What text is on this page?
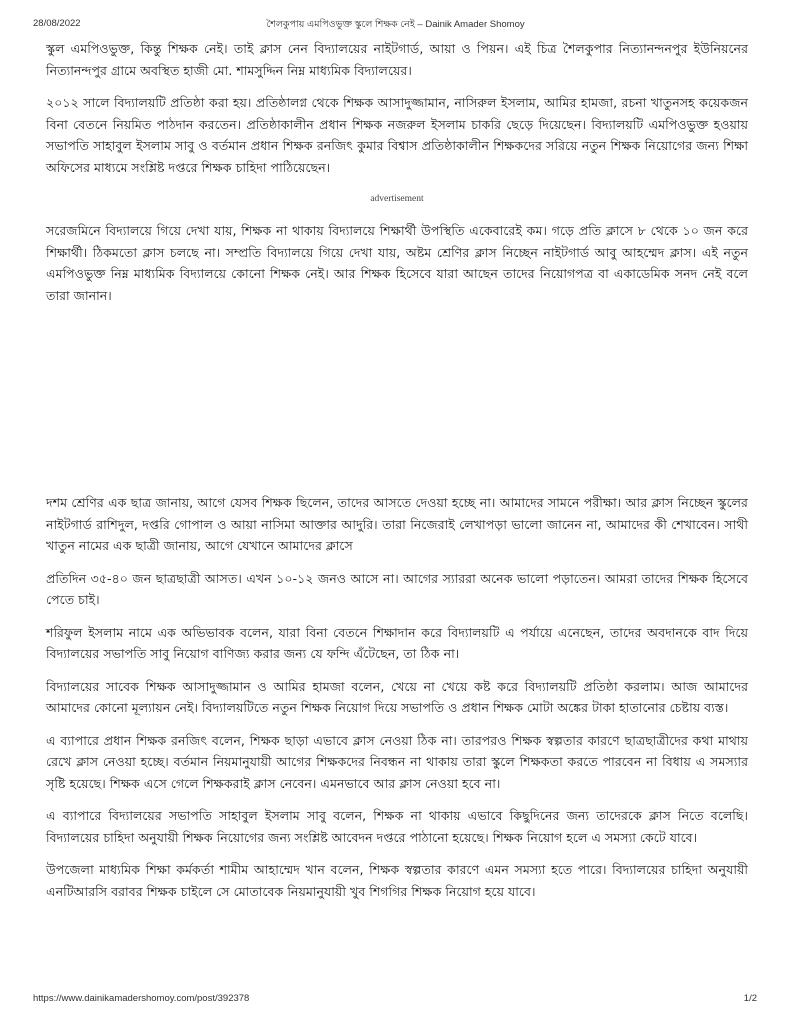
28/08/2022	শৈলকুপায় এমপিওভুক্ত স্কুলে শিক্ষক নেই – Dainik Amader Shomoy

স্কুল এমপিওভুক্ত, কিন্তু শিক্ষক নেই। তাই ক্লাস নেন বিদ্যালয়ের নাইটগার্ড, আয়া ও পিয়ন। এই চিত্র শৈলকুপার নিত্যানন্দনপুর ইউনিয়নের নিত্যানন্দপুর গ্রামে অবস্থিত হাজী মো. শামসুদ্দিন নিম্ন মাধ্যমিক বিদ্যালয়ের।

২০১২ সালে বিদ্যালয়টি প্রতিষ্ঠা করা হয়। প্রতিষ্ঠালগ্ন থেকে শিক্ষক আসাদুজ্জামান, নাসিরুল ইসলাম, আমির হামজা, রচনা খাতুনসহ কয়েকজন বিনা বেতনে নিয়মিত পাঠদান করতেন। প্রতিষ্ঠাকালীন প্রধান শিক্ষক নজরুল ইসলাম চাকরি ছেড়ে দিয়েছেন। বিদ্যালয়টি এমপিওভুক্ত হওয়ায় সভাপতি সাহাবুল ইসলাম সাবু ও বর্তমান প্রধান শিক্ষক রনজিৎ কুমার বিশ্বাস প্রতিষ্ঠাকালীন শিক্ষকদের সরিয়ে নতুন শিক্ষক নিয়োগের জন্য শিক্ষা অফিসের মাধ্যমে সংশ্লিষ্ট দপ্তরে শিক্ষক চাহিদা পাঠিয়েছেন।

advertisement

সরেজমিনে বিদ্যালয়ে গিয়ে দেখা যায়, শিক্ষক না থাকায় বিদ্যালয়ে শিক্ষার্থী উপস্থিতি একেবারেই কম। গড়ে প্রতি ক্লাসে ৮ থেকে ১০ জন করে শিক্ষার্থী। ঠিকমতো ক্লাস চলছে না। সম্প্রতি বিদ্যালয়ে গিয়ে দেখা যায়, অষ্টম শ্রেণির ক্লাস নিচ্ছেন নাইটগার্ড আবু আহম্মেদ ক্লাস। এই নতুন এমপিওভুক্ত নিম্ন মাধ্যমিক বিদ্যালয়ে কোনো শিক্ষক নেই। আর শিক্ষক হিসেবে যারা আছেন তাদের নিয়োগপত্র বা একাডেমিক সনদ নেই বলে তারা জানান।

দশম শ্রেণির এক ছাত্র জানায়, আগে যেসব শিক্ষক ছিলেন, তাদের আসতে দেওয়া হচ্ছে না। আমাদের সামনে পরীক্ষা। আর ক্লাস নিচ্ছেন স্কুলের নাইটগার্ড রাশিদুল, দপ্তরি গোপাল ও আয়া নাসিমা আক্তার আদুরি। তারা নিজেরাই লেখাপড়া ভালো জানেন না, আমাদের কী শেখাবেন। সাথী খাতুন নামের এক ছাত্রী জানায়, আগে যেখানে আমাদের ক্লাসে

প্রতিদিন ৩৫-৪০ জন ছাত্রছাত্রী আসত। এখন ১০-১২ জনও আসে না। আগের স্যাররা অনেক ভালো পড়াতেন। আমরা তাদের শিক্ষক হিসেবে পেতে চাই।

শরিফুল ইসলাম নামে এক অভিভাবক বলেন, যারা বিনা বেতনে শিক্ষাদান করে বিদ্যালয়টি এ পর্যায়ে এনেছেন, তাদের অবদানকে বাদ দিয়ে বিদ্যালয়ের সভাপতি সাবু নিয়োগ বাণিজ্য করার জন্য যে ফন্দি এঁটেছেন, তা ঠিক না।

বিদ্যালয়ের সাবেক শিক্ষক আসাদুজ্জামান ও আমির হামজা বলেন, খেয়ে না খেয়ে কষ্ট করে বিদ্যালয়টি প্রতিষ্ঠা করলাম। আজ আমাদের আমাদের কোনো মূল্যায়ন নেই। বিদ্যালয়টিতে নতুন শিক্ষক নিয়োগ দিয়ে সভাপতি ও প্রধান শিক্ষক মোটা অঙ্কের টাকা হাতানোর চেষ্টায় ব্যস্ত।

এ ব্যাপারে প্রধান শিক্ষক রনজিৎ বলেন, শিক্ষক ছাড়া এভাবে ক্লাস নেওয়া ঠিক না। তারপরও শিক্ষক স্বল্পতার কারণে ছাত্রছাত্রীদের কথা মাথায় রেখে ক্লাস নেওয়া হচ্ছে। বর্তমান নিয়মানুযায়ী আগের শিক্ষকদের নিবন্ধন না থাকায় তারা স্কুলে শিক্ষকতা করতে পারবেন না বিধায় এ সমস্যার সৃষ্টি হয়েছে। শিক্ষক এসে গেলে শিক্ষকরাই ক্লাস নেবেন। এমনভাবে আর ক্লাস নেওয়া হবে না।

এ ব্যাপারে বিদ্যালয়ের সভাপতি সাহাবুল ইসলাম সাবু বলেন, শিক্ষক না থাকায় এভাবে কিছুদিনের জন্য তাদেরকে ক্লাস নিতে বলেছি। বিদ্যালয়ের চাহিদা অনুযায়ী শিক্ষক নিয়োগের জন্য সংশ্লিষ্ট আবেদন দপ্তরে পাঠানো হয়েছে। শিক্ষক নিয়োগ হলে এ সমস্যা কেটে যাবে।

উপজেলা মাধ্যমিক শিক্ষা কর্মকর্তা শামীম আহাম্মেদ খান বলেন, শিক্ষক স্বল্পতার কারণে এমন সমস্যা হতে পারে। বিদ্যালয়ের চাহিদা অনুযায়ী এনটিআরসি বরাবর শিক্ষক চাইলে সে মোতাবেক নিয়মানুযায়ী খুব শিগগির শিক্ষক নিয়োগ হয়ে যাবে।

https://www.dainikamadershomoy.com/post/392378	1/2
